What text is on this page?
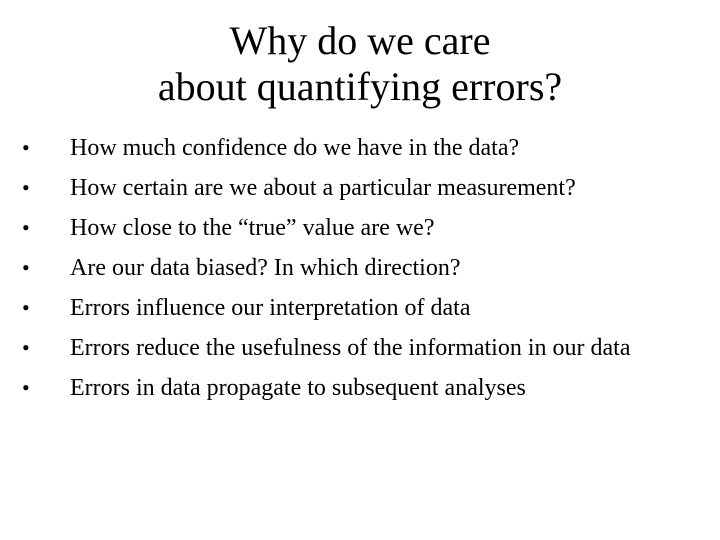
Why do we care
about quantifying errors?
•
How much confidence do we have in the data?
•
How certain are we about a particular measurement?
•
How close to the “true” value are we?
•
Are our data biased? In which direction?
•
Errors influence our interpretation of data
•
Errors reduce the usefulness of the information in our data
•
Errors in data propagate to subsequent analyses
